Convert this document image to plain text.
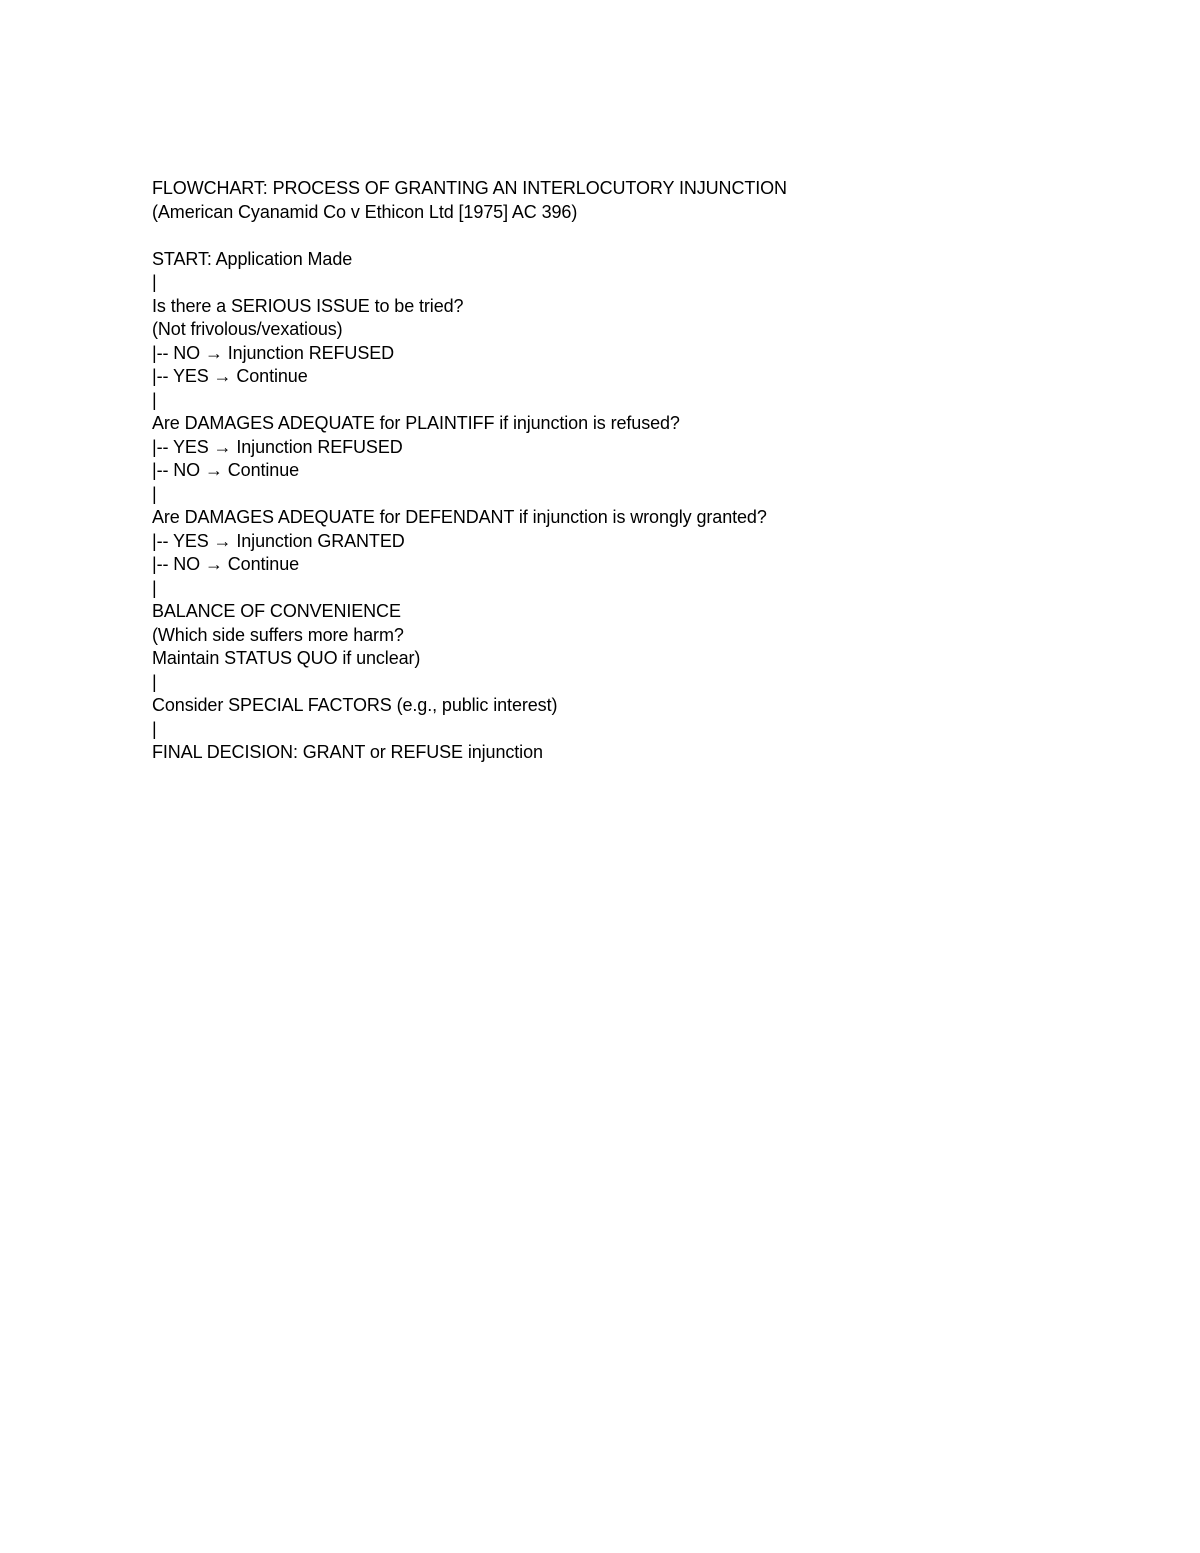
FLOWCHART: PROCESS OF GRANTING AN INTERLOCUTORY INJUNCTION
(American Cyanamid Co v Ethicon Ltd [1975] AC 396)
START: Application Made
|
Is there a SERIOUS ISSUE to be tried?
(Not frivolous/vexatious)
|-- NO → Injunction REFUSED
|-- YES → Continue
|
Are DAMAGES ADEQUATE for PLAINTIFF if injunction is refused?
|-- YES → Injunction REFUSED
|-- NO → Continue
|
Are DAMAGES ADEQUATE for DEFENDANT if injunction is wrongly granted?
|-- YES → Injunction GRANTED
|-- NO → Continue
|
BALANCE OF CONVENIENCE
(Which side suffers more harm?
Maintain STATUS QUO if unclear)
|
Consider SPECIAL FACTORS (e.g., public interest)
|
FINAL DECISION: GRANT or REFUSE injunction
